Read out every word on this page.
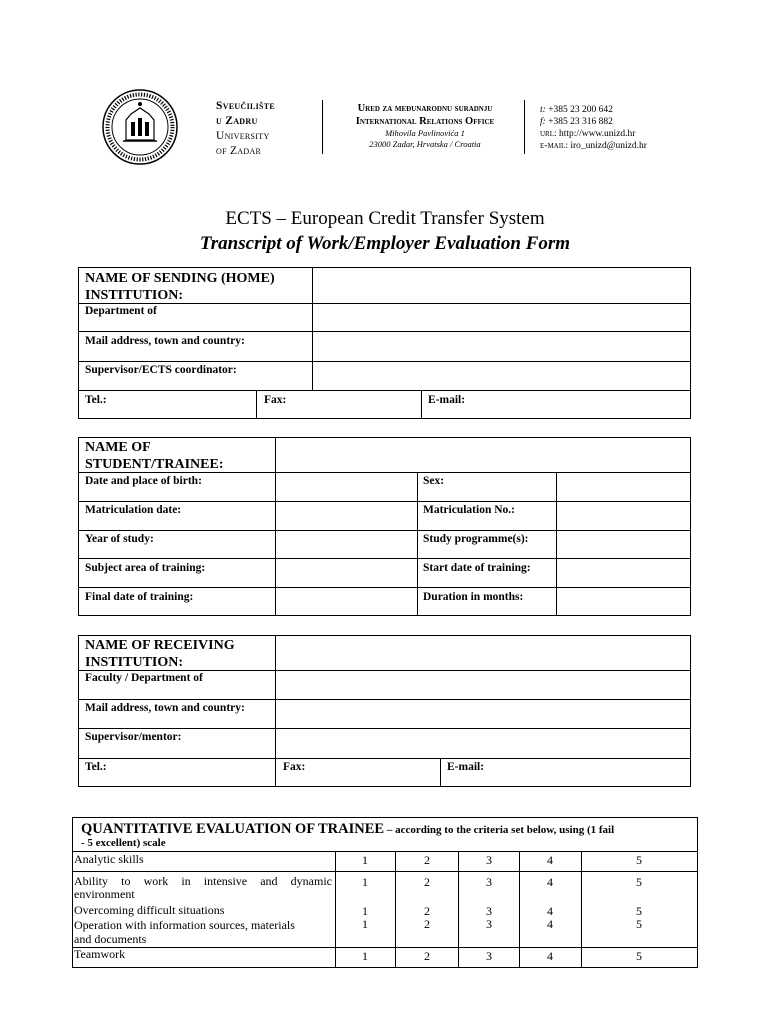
Sveučilište
u Zadru
University
of Zadar
Ured za međunarodnu suradnju
International Relations Office
Mihovila Pavlinovića 1
23000 Zadar, Hrvatska / Croatia
t: +385 23 200 642
f: +385 23 316 882
url: http://www.unizd.hr
e-mail: iro_unizd@unizd.hr
ECTS – European Credit Transfer System
Transcript of Work/Employer Evaluation Form
NAME OF SENDING (HOME)
INSTITUTION:
Department of
Mail address, town and country:
Supervisor/ECTS coordinator:
Tel.:	Fax:	E-mail:
NAME OF
STUDENT/TRAINEE:
Date and place of birth:	Sex:
Matriculation date:	Matriculation No.:
Year of study:	Study programme(s):
Subject area of training:	Start date of training:
Final date of training:	Duration in months:
NAME OF RECEIVING
INSTITUTION:
Faculty / Department of
Mail address, town and country:
Supervisor/mentor:
Tel.:	Fax:	E-mail:
QUANTITATIVE EVALUATION OF TRAINEE – according to the criteria set below, using (1 fail
- 5 excellent) scale
Analytic skills	1	2	3	4	5
Ability to work in intensive and dynamic
environment
1	2	3	4	5
Overcoming difficult situations	1	2	3	4	5
Operation with information sources, materials
and documents
1	2	3	4	5
Teamwork	1	2	3	4	5
